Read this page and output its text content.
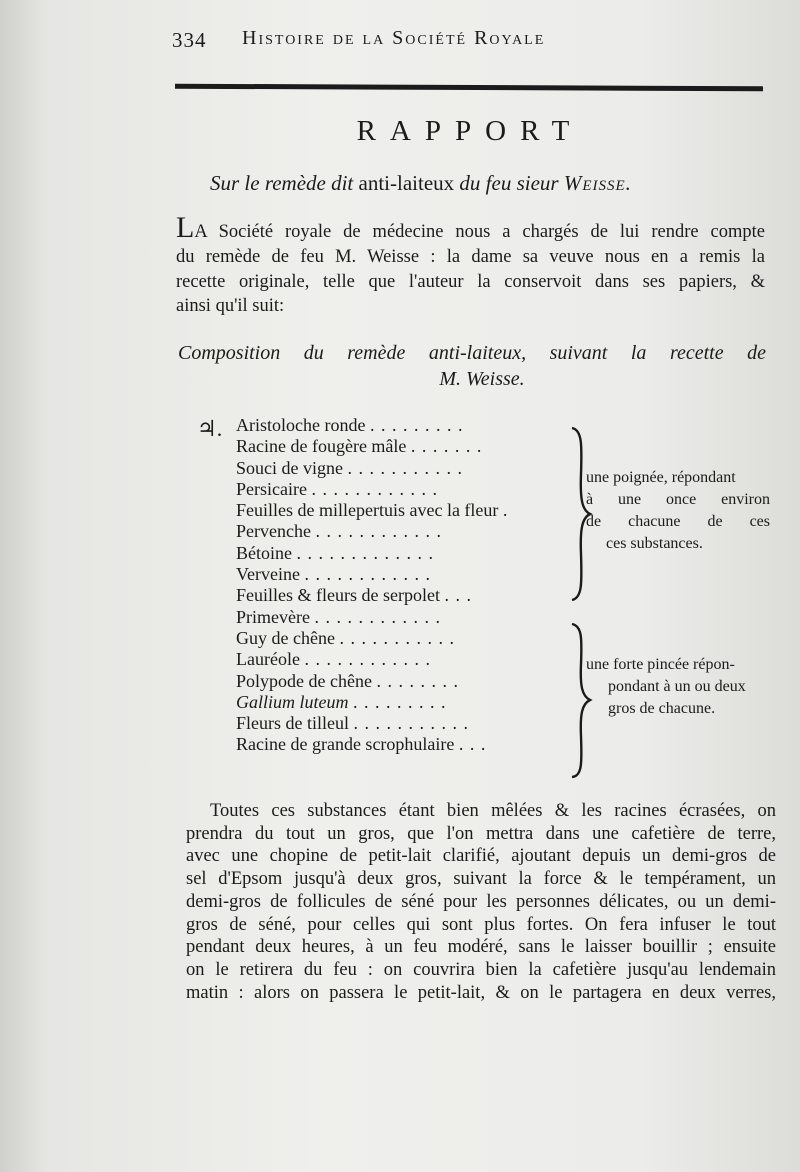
334 Histoire de la Société Royale
RAPPORT
Sur le remède dit anti-laiteux du feu sieur Weisse.
LA Société royale de médecine nous a chargés de lui rendre compte
du remède de feu M. Weisse : la dame sa veuve nous en a remis la
recette originale, telle que l'auteur la conservoit dans ses papiers, &
ainsi qu'il suit:
Composition du remède anti-laiteux, suivant la recette de
M. Weisse.
♃. Aristoloche ronde . . . . . . . . .
Racine de fougère mâle . . . . . . .
Souci de vigne . . . . . . . . . . .
Persicaire . . . . . . . . . . . .
Feuilles de millepertuis avec la fleur .
Pervenche . . . . . . . . . . . .
Bétoine . . . . . . . . . . . . .
Verveine . . . . . . . . . . . .
Feuilles & fleurs de serpolet . . .
Primevère . . . . . . . . . . . .
Guy de chêne . . . . . . . . . . .
Lauréole . . . . . . . . . . . .
Polypode de chêne . . . . . . . .
Gallium luteum . . . . . . . . .
Fleurs de tilleul . . . . . . . . . . .
Racine de grande scrophulaire . . .
une poignée, répondant
à une once environ
de chacune de ces
ces substances.
une forte pincée répon-
pondant à un ou deux
gros de chacune.
Toutes ces substances étant bien mêlées & les racines écrasées, on
prendra du tout un gros, que l'on mettra dans une cafetière de terre,
avec une chopine de petit-lait clarifié, ajoutant depuis un demi-gros de
sel d'Epsom jusqu'à deux gros, suivant la force & le tempérament, un
demi-gros de follicules de séné pour les personnes délicates, ou un demi-
gros de séné, pour celles qui sont plus fortes. On fera infuser le tout
pendant deux heures, à un feu modéré, sans le laisser bouillir ; ensuite
on le retirera du feu : on couvrira bien la cafetière jusqu'au lendemain
matin : alors on passera le petit-lait, & on le partagera en deux verres,
